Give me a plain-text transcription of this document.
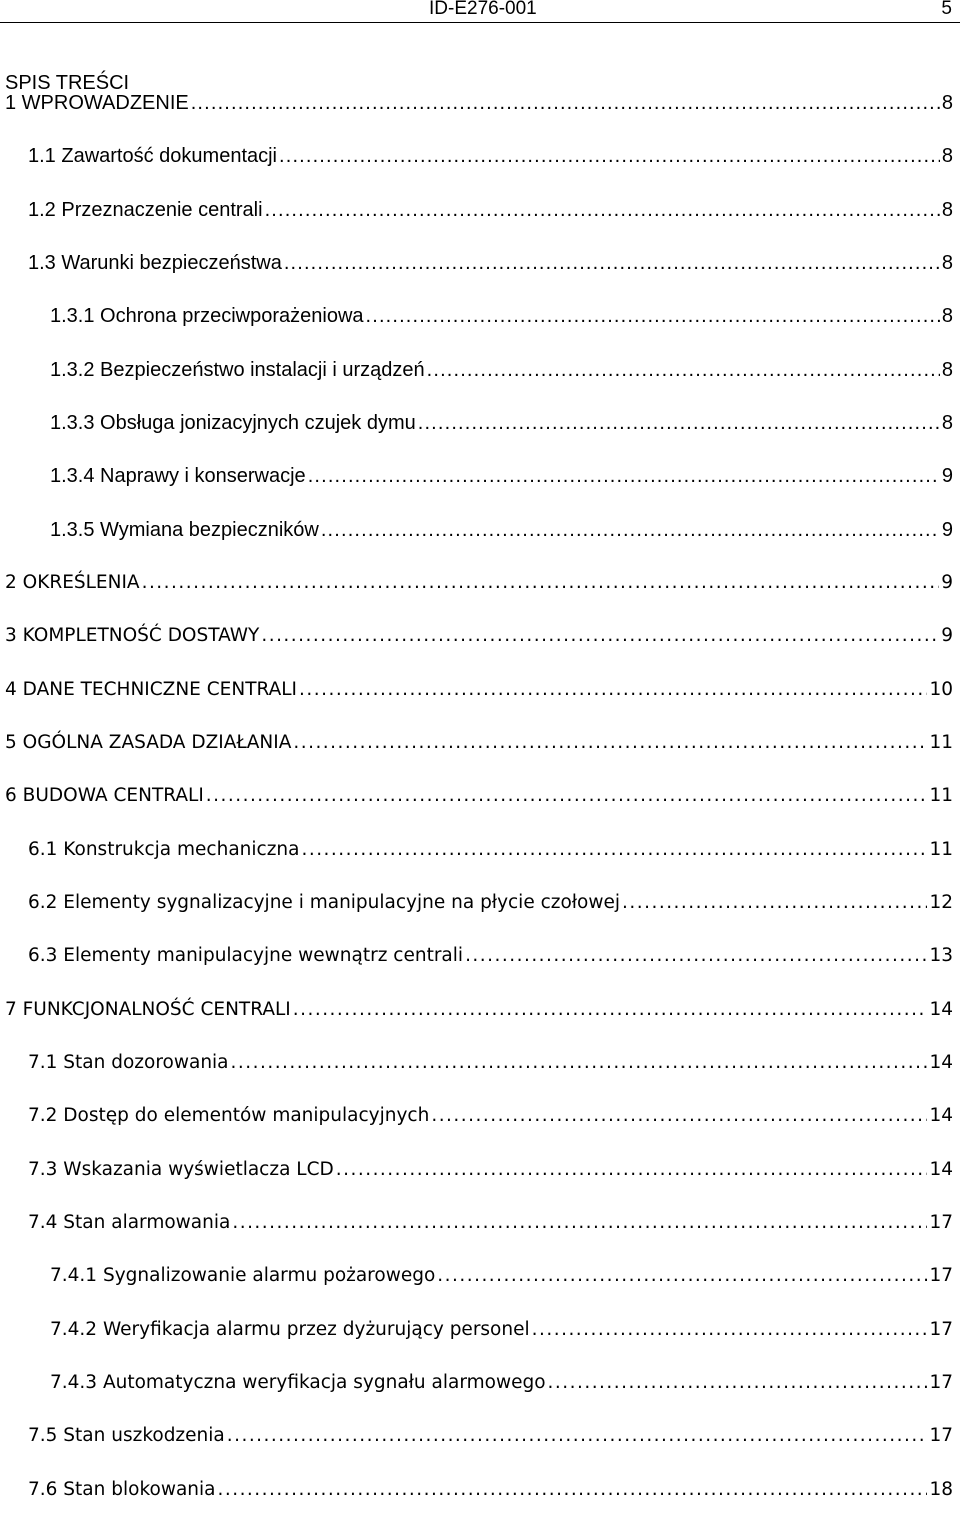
ID-E276-001	5
SPIS TREŚCI
1 WPROWADZENIE . . .	8
1.1 Zawartość dokumentacji . . .	8
1.2 Przeznaczenie centrali . . .	8
1.3 Warunki bezpieczeństwa . . .	8
1.3.1 Ochrona przeciwporażeniowa . . .	8
1.3.2 Bezpieczeństwo instalacji i urządzeń . . .	8
1.3.3 Obsługa jonizacyjnych czujek dymu . . .	8
1.3.4 Naprawy i konserwacje . . .	9
1.3.5 Wymiana bezpieczników . . .	9
2 OKREŚLENIA . . .	9
3 KOMPLETNOŚĆ DOSTAWY . . .	9
4 DANE TECHNICZNE CENTRALI . . .	10
5 OGÓLNA ZASADA DZIAŁANIA . . .	11
6 BUDOWA CENTRALI . . .	11
6.1 Konstrukcja mechaniczna . . .	11
6.2 Elementy sygnalizacyjne i manipulacyjne na płycie czołowej . . .	12
6.3 Elementy manipulacyjne wewnątrz centrali . . .	13
7 FUNKCJONALNOŚĆ CENTRALI . . .	14
7.1 Stan dozorowania . . .	14
7.2 Dostęp do elementów manipulacyjnych . . .	14
7.3 Wskazania wyświetlacza LCD . . .	14
7.4 Stan alarmowania . . .	17
7.4.1 Sygnalizowanie alarmu pożarowego . . .	17
7.4.2 Weryfikacja alarmu przez dyżurujący personel . . .	17
7.4.3 Automatyczna weryfikacja sygnału alarmowego . . .	17
7.5 Stan uszkodzenia . . .	17
7.6 Stan blokowania . . .	18
